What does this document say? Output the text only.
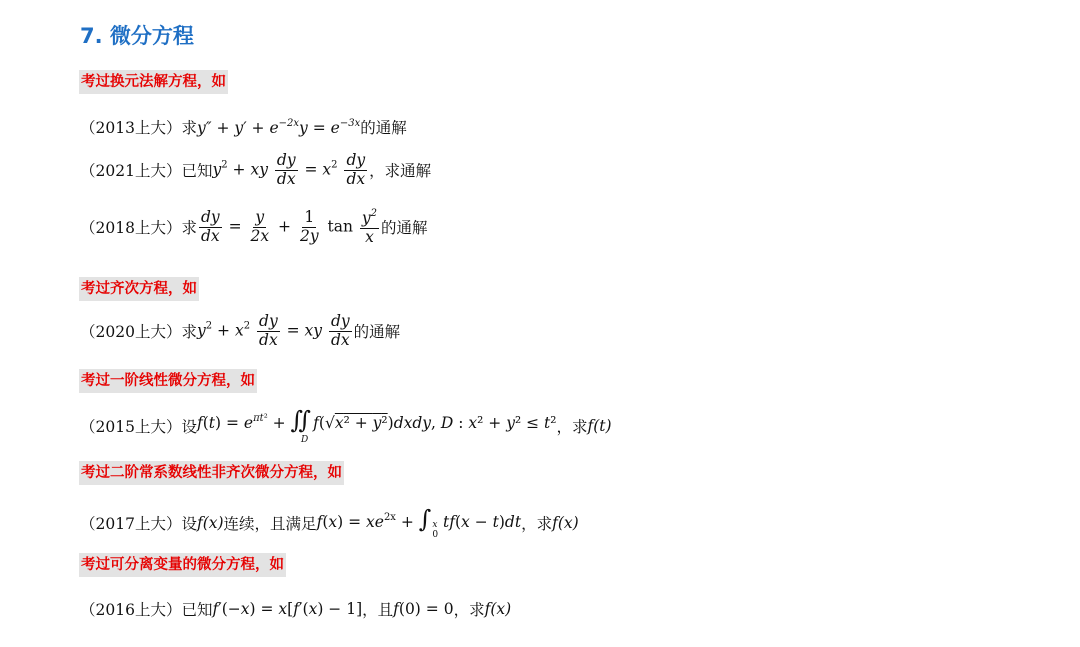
7. 微分方程
考过换元法解方程，如
（2013上大） 求 $y'' + y' + e^{-2x}y = e^{-3x}$ 的通解
（2021上大） 已知 $y^2$ + xy $\frac{dy}{dx} = x^2 \frac{dy}{dx}$ ，求通解
（2018上大） 求 $\frac{dy}{dx} = \frac{y}{2x} + \frac{1}{2y}$ $\tan \frac{y^2}{x}$ 的通解
考过齐次方程，如
（2020上大） 求 $y^2 + x^2 \frac{dy}{dx}$ = xy $\frac{dy}{dx}$ 的通解
考过一阶线性微分方程，如
（2015上大） 设 $f(t) = e^{\pi t^2}$ + $∬_D$ f(√x² + y²)dxdy, D : x² + y² ≤ t² ，求 f(t)
考过二阶常系数线性非齐次微分方程，如
（2017上大） 设 f(x) 连续，且满足 $f(x) = xe^{2x}$ + ∫ x
0
tf(x − t)dt ，求 f(x)
考过可分离变量的微分方程，如
（2016上大） 已知 f′(−x) = x[f′(x) − 1] ，且 f(0) = 0 ，求 f(x)
